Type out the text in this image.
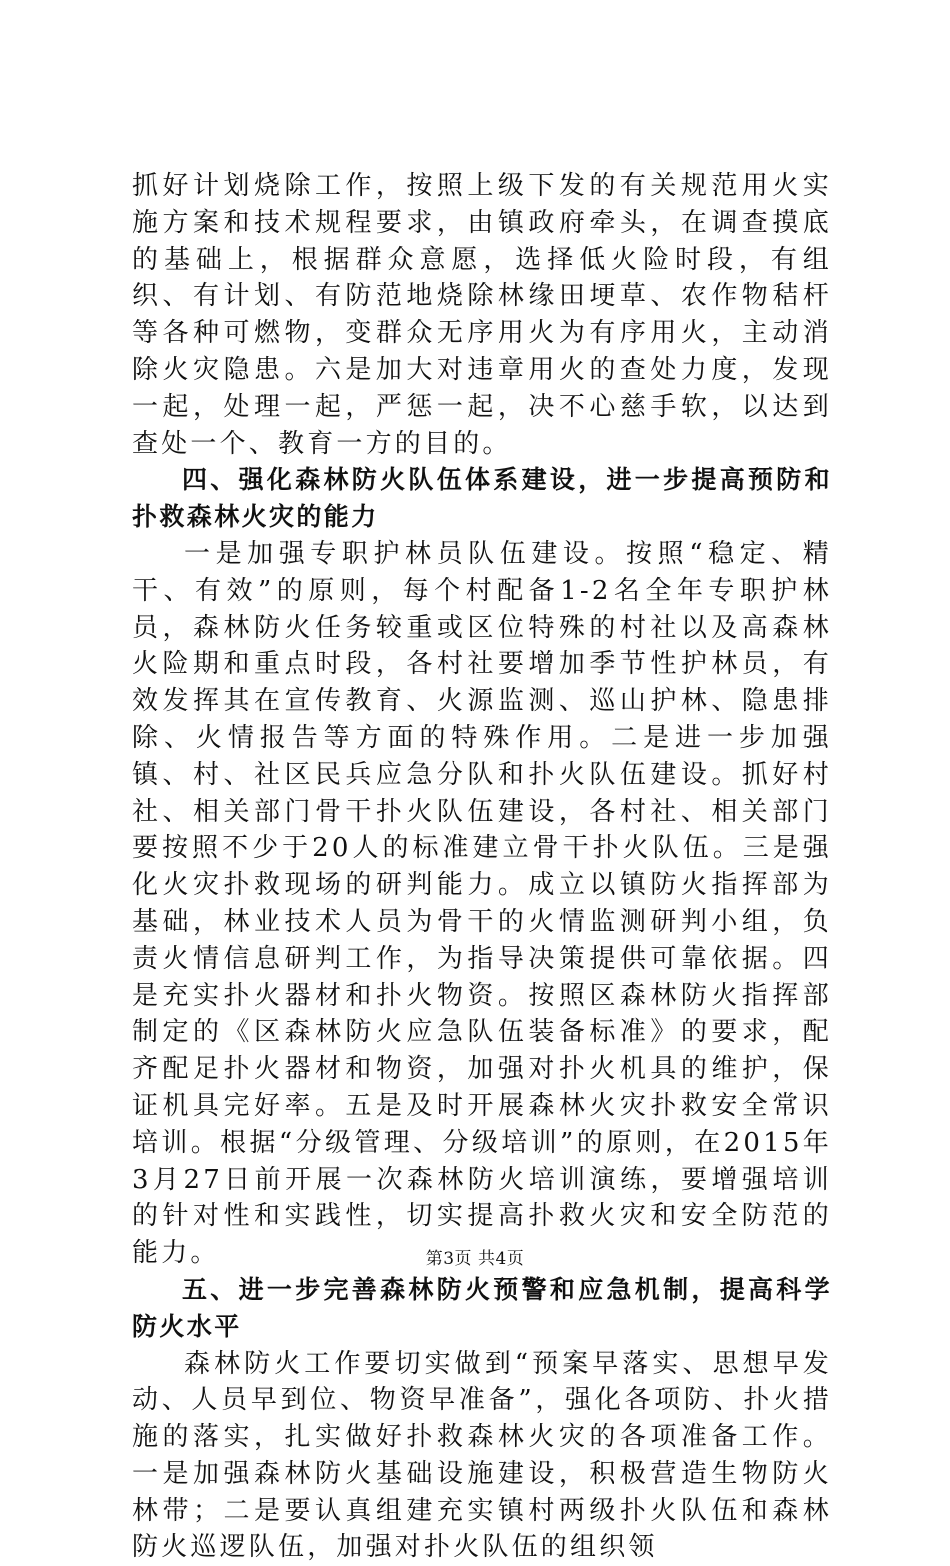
抓好计划烧除工作，按照上级下发的有关规范用火实施方案和技术规程要求，由镇政府牵头，在调查摸底的基础上，根据群众意愿，选择低火险时段，有组织、有计划、有防范地烧除林缘田埂草、农作物秸杆等各种可燃物，变群众无序用火为有序用火，主动消除火灾隐患。六是加大对违章用火的查处力度，发现一起，处理一起，严惩一起，决不心慈手软，以达到查处一个、教育一方的目的。

四、强化森林防火队伍体系建设，进一步提高预防和扑救森林火灾的能力

一是加强专职护林员队伍建设。按照“稳定、精干、有效”的原则，每个村配备1-2名全年专职护林员，森林防火任务较重或区位特殊的村社以及高森林火险期和重点时段，各村社要增加季节性护林员，有效发挥其在宣传教育、火源监测、巡山护林、隐患排除、火情报告等方面的特殊作用。二是进一步加强镇、村、社区民兵应急分队和扑火队伍建设。抓好村社、相关部门骨干扑火队伍建设，各村社、相关部门要按照不少于20人的标准建立骨干扑火队伍。三是强化火灾扑救现场的研判能力。成立以镇防火指挥部为基础，林业技术人员为骨干的火情监测研判小组，负责火情信息研判工作，为指导决策提供可靠依据。四是充实扑火器材和扑火物资。按照区森林防火指挥部制定的《区森林防火应急队伍装备标准》的要求，配齐配足扑火器材和物资，加强对扑火机具的维护，保证机具完好率。五是及时开展森林火灾扑救安全常识培训。根据“分级管理、分级培训”的原则，在2015年3月27日前开展一次森林防火培训演练，要增强培训的针对性和实践性，切实提高扑救火灾和安全防范的能力。

五、进一步完善森林防火预警和应急机制，提高科学防火水平

森林防火工作要切实做到“预案早落实、思想早发动、人员早到位、物资早准备”，强化各项防、扑火措施的落实，扎实做好扑救森林火灾的各项准备工作。一是加强森林防火基础设施建设，积极营造生物防火林带；二是要认真组建充实镇村两级扑火队伍和森林防火巡逻队伍，加强对扑火队伍的组织领

第3页 共4页
